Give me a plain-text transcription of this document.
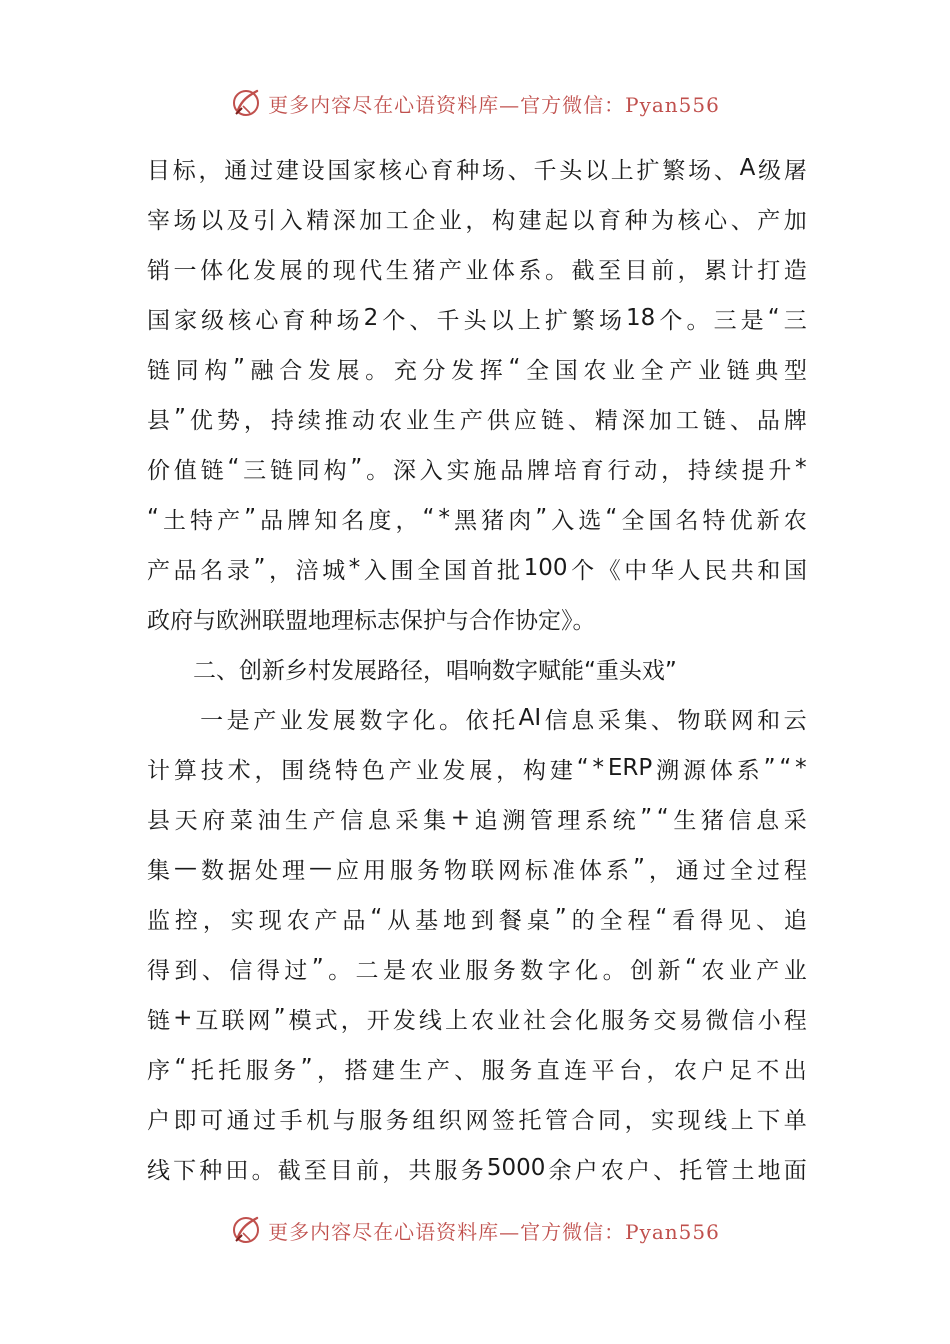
更多内容尽在心语资料库—官方微信：Pyan556
目 标 ， 通 过 建 设 国 家 核 心 育 种 场 、 千 头 以 上 扩 繁 场 、 A 级 屠
宰 场 以 及 引 入 精 深 加 工 企 业 ， 构 建 起 以 育 种 为 核 心 、 产 加
销 一 体 化 发 展 的 现 代 生 猪 产 业 体 系 。 截 至 目 前 ， 累 计 打 造
国 家 级 核 心 育 种 场 2 个 、 千 头 以 上 扩 繁 场 18 个 。 三 是 “ 三
链 同 构 ” 融 合 发 展 。 充 分 发 挥 “ 全 国 农 业 全 产 业 链 典 型
县 ” 优 势 ， 持 续 推 动 农 业 生 产 供 应 链 、 精 深 加 工 链 、 品 牌
价 值 链 “ 三 链 同 构 ” 。 深 入 实 施 品 牌 培 育 行 动 ， 持 续 提 升 *
“ 土 特 产 ” 品 牌 知 名 度 ， “ * 黑 猪 肉 ” 入 选 “ 全 国 名 特 优 新 农
产 品 名 录 ” ， 涪 城 * 入 围 全 国 首 批 100 个 《 中 华 人 民 共 和 国
政府与欧洲联盟地理标志保护与合作协定》。
　　二、创新乡村发展路径，唱响数字赋能“重头戏”

一 是 产 业 发 展 数 字 化 。 依 托 AI 信 息 采 集 、 物 联 网 和 云
计 算 技 术 ， 围 绕 特 色 产 业 发 展 ， 构 建 “ * ERP 溯 源 体 系 ” “ *
县 天 府 菜 油 生 产 信 息 采 集 + 追 溯 管 理 系 统 ” “ 生 猪 信 息 采
集 — 数 据 处 理 — 应 用 服 务 物 联 网 标 准 体 系 ” ， 通 过 全 过 程
监 控 ， 实 现 农 产 品 “ 从 基 地 到 餐 桌 ” 的 全 程 “ 看 得 见 、 追
得 到 、 信 得 过 ” 。 二 是 农 业 服 务 数 字 化 。 创 新 “ 农 业 产 业
链 + 互 联 网 ” 模 式 ， 开 发 线 上 农 业 社 会 化 服 务 交 易 微 信 小 程
序 “ 托 托 服 务 ” ， 搭 建 生 产 、 服 务 直 连 平 台 ， 农 户 足 不 出
户 即 可 通 过 手 机 与 服 务 组 织 网 签 托 管 合 同 ， 实 现 线 上 下 单
线 下 种 田 。 截 至 目 前 ， 共 服 务 5000 余 户 农 户 、 托 管 土 地 面
更多内容尽在心语资料库—官方微信：Pyan556
